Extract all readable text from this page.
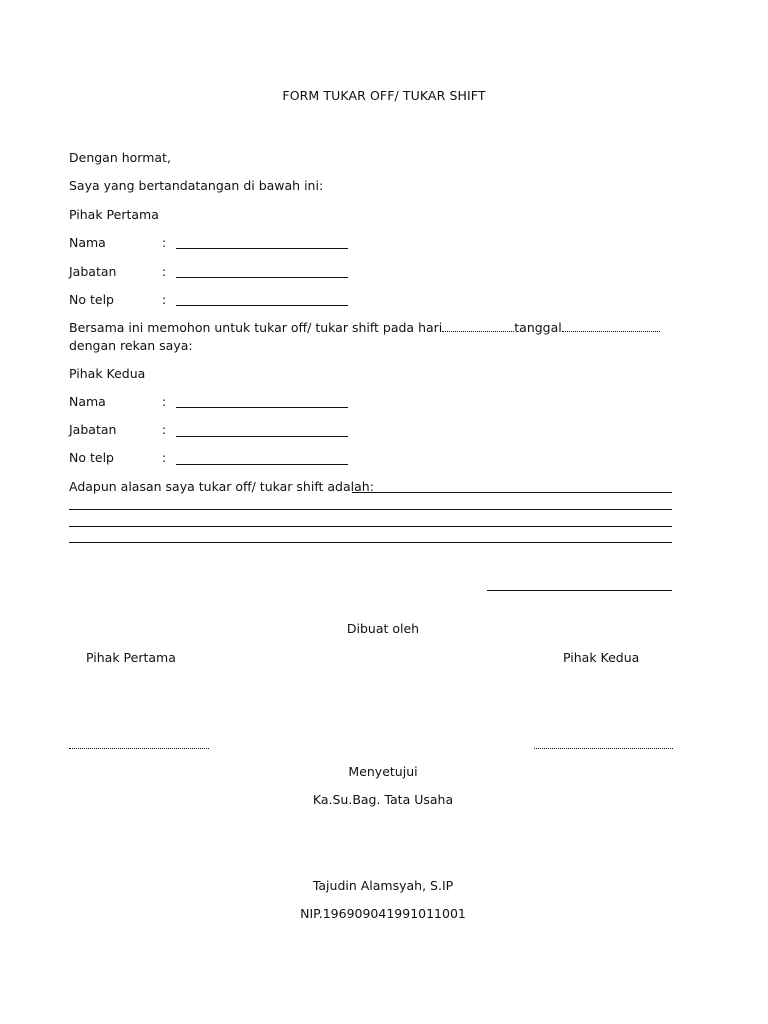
FORM TUKAR OFF/ TUKAR SHIFT
Dengan hormat,
Saya yang bertandatangan di bawah ini:
Pihak Pertama
Nama	:
Jabatan	:
No telp	:
Bersama ini memohon untuk tukar off/ tukar shift pada hari	tanggal
dengan rekan saya:
Pihak Kedua
Nama	:
Jabatan	:
No telp	:
Adapun alasan saya tukar off/ tukar shift adalah:
Dibuat oleh
Pihak Pertama	Pihak Kedua
Menyetujui
Ka.Su.Bag. Tata Usaha
Tajudin Alamsyah, S.IP
NIP.196909041991011001
